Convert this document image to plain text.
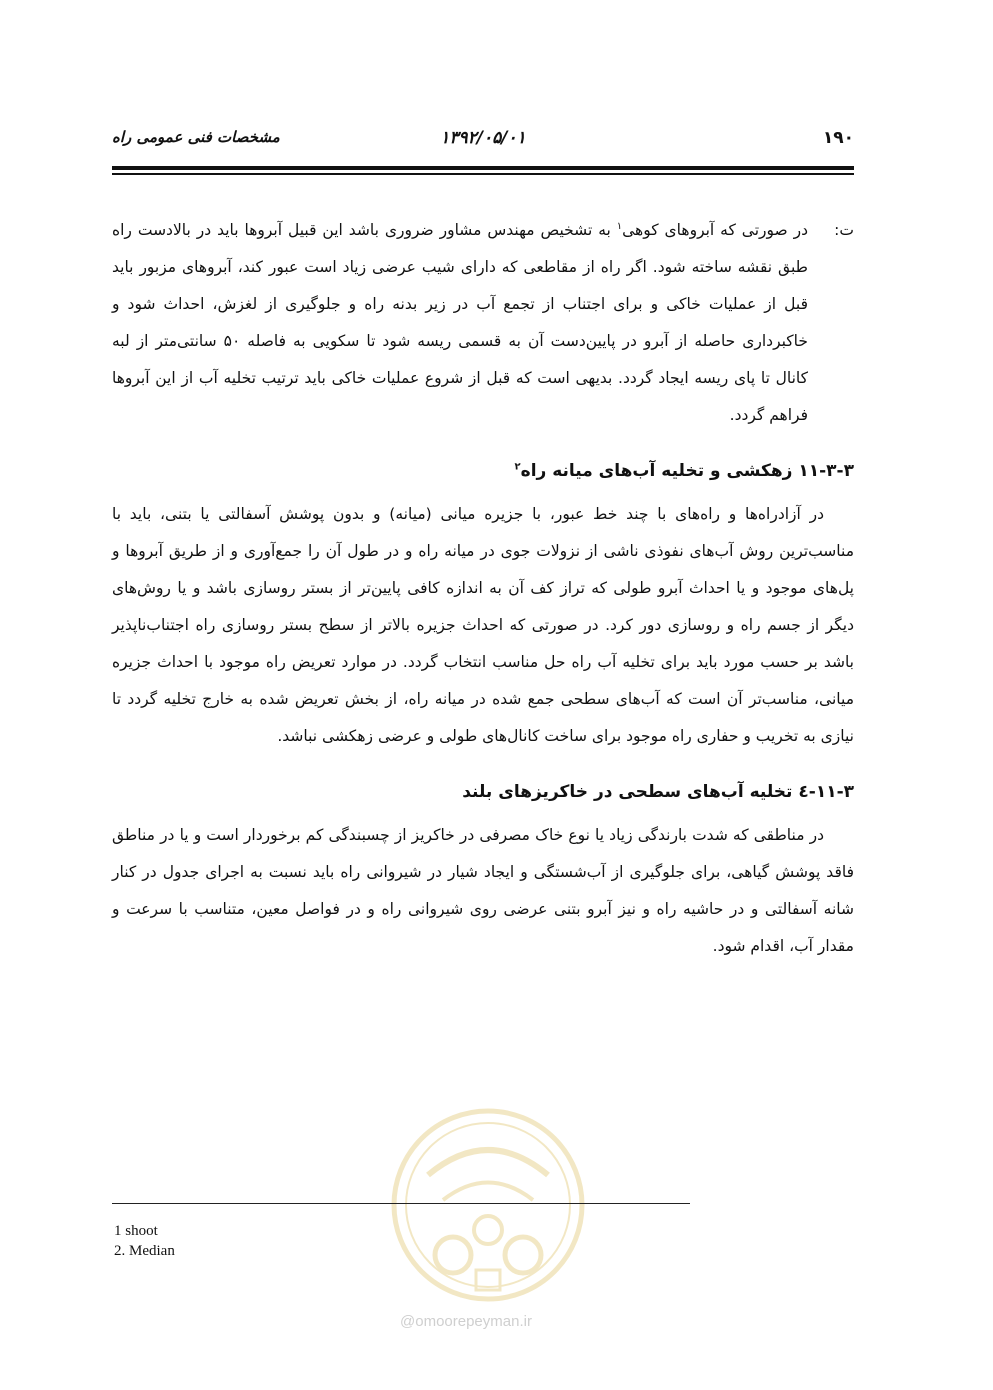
۱۹۰
۱۳۹۲/۰۵/۰۱
مشخصات فنی عمومی راه

ت:
در صورتی که آبروهای کوهی$^۱$ به تشخیص مهندس مشاور ضروری باشد این قبیل آبروها باید در بالادست راه طبق نقشه ساخته شود. اگر راه از مقاطعی که دارای شیب عرضی زیاد است عبور کند، آبروهای مزبور باید قبل از عملیات خاکی و برای اجتناب از تجمع آب در زیر بدنه راه و جلوگیری از لغزش، احداث شود و خاکبرداری حاصله از آبرو در پایین‌دست آن به قسمی ریسه شود تا سکویی به فاصله ۵۰ سانتی‌متر از لبه کانال تا پای ریسه ایجاد گردد. بدیهی است که قبل از شروع عملیات خاکی باید ترتیب تخلیه آب از این آبروها فراهم گردد.

۱۱-۳-۳ زهکشی و تخلیه آب‌های میانه راه$^۲$

در آزادراه‌ها و راه‌های با چند خط عبور، با جزیره میانی (میانه) و بدون پوشش آسفالتی یا بتنی، باید با مناسب‌ترین روش آب‌های نفوذی ناشی از نزولات جوی در میانه راه و در طول آن را جمع‌آوری و از طریق آبروها و پل‌های موجود و یا احداث آبرو طولی که تراز کف آن به اندازه کافی پایین‌تر از بستر روسازی باشد و یا روش‌های دیگر از جسم راه و روسازی دور کرد. در صورتی که احداث جزیره بالاتر از سطح بستر روسازی راه اجتناب‌ناپذیر باشد بر حسب مورد باید برای تخلیه آب راه حل مناسب انتخاب گردد. در موارد تعریض راه موجود با احداث جزیره میانی، مناسب‌تر آن است که آب‌های سطحی جمع شده در میانه راه، از بخش تعریض شده به خارج تخلیه گردد تا نیازی به تخریب و حفاری راه موجود برای ساخت کانال‌های طولی و عرضی زهکشی نباشد.

۱۱-۳-٤ تخلیه آب‌های سطحی در خاکریزهای بلند

در مناطقی که شدت بارندگی زیاد یا نوع خاک مصرفی در خاکریز از چسبندگی کم برخوردار است و یا در مناطق فاقد پوشش گیاهی، برای جلوگیری از آب‌شستگی و ایجاد شیار در شیروانی راه باید نسبت به اجرای جدول در کنار شانه آسفالتی و در حاشیه راه و نیز آبرو بتنی عرضی روی شیروانی راه و در فواصل معین، متناسب با سرعت و مقدار آب، اقدام شود.

@omoorepeyman.ir
1 shoot
2. Median
